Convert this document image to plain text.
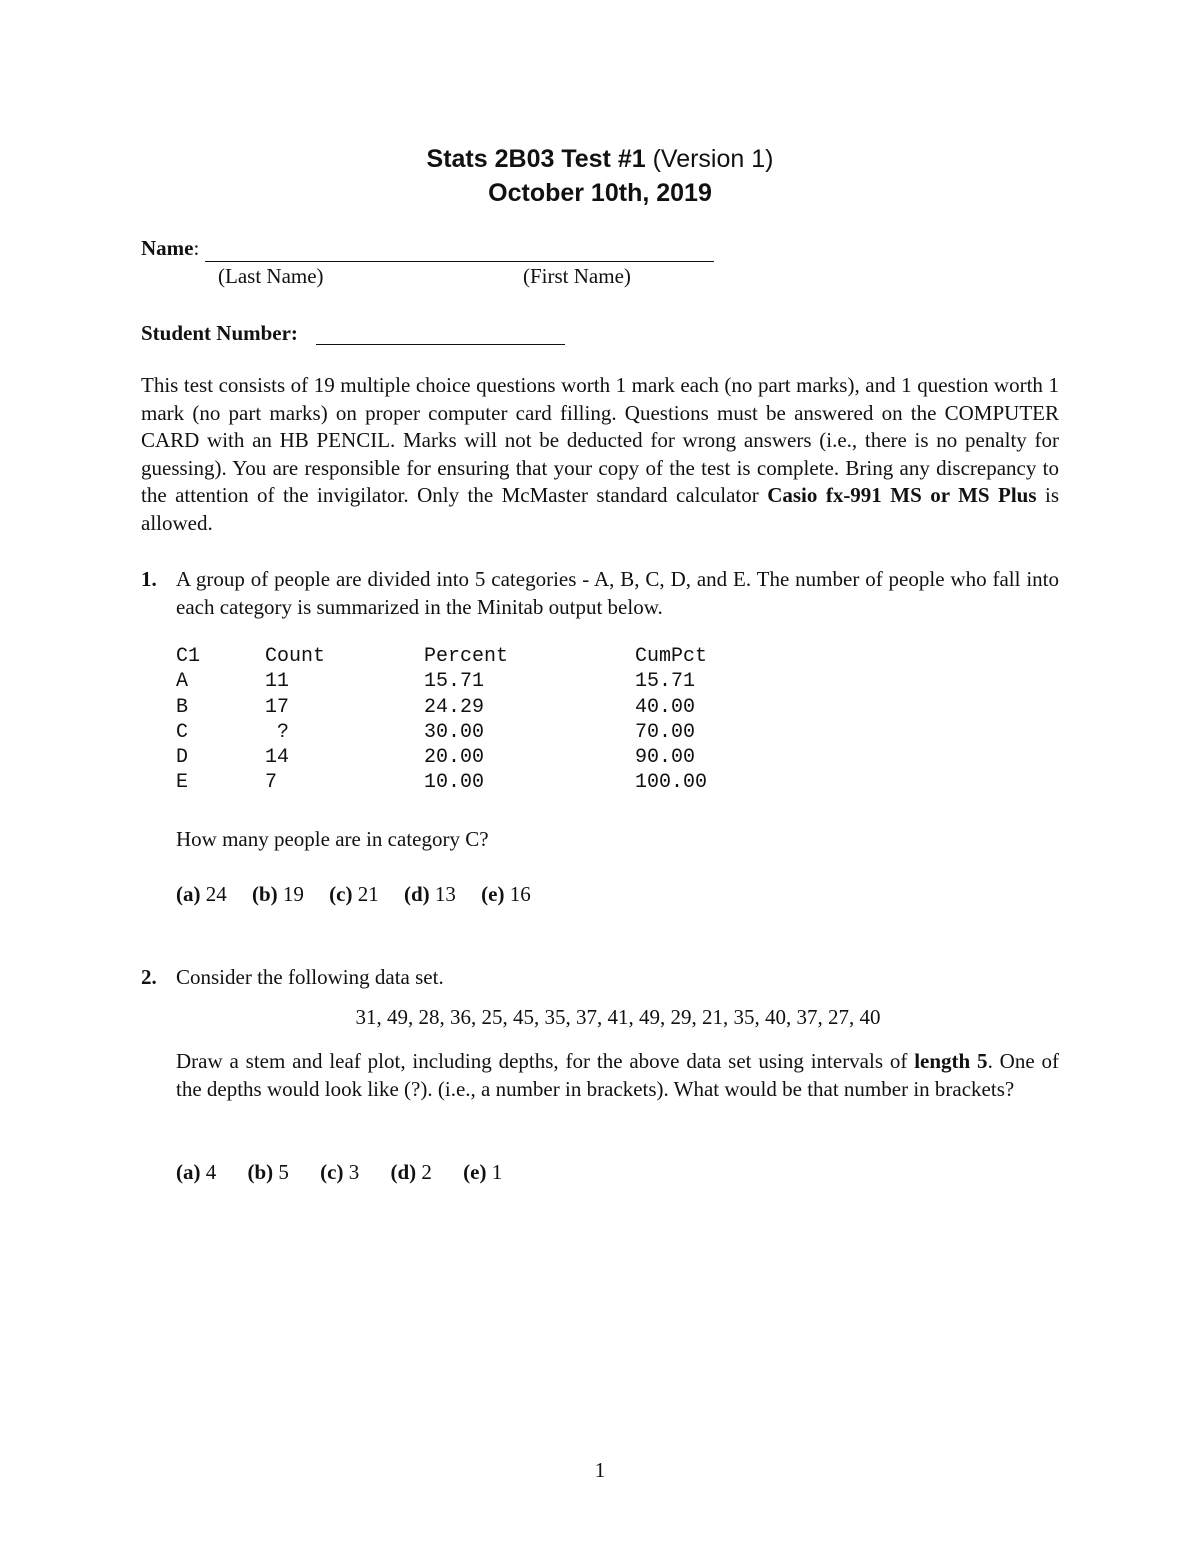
Stats 2B03 Test #1 (Version 1)
October 10th, 2019
Name:
(Last Name)	(First Name)
Student Number:
This test consists of 19 multiple choice questions worth 1 mark each (no part marks), and 1 question worth 1 mark (no part marks) on proper computer card filling. Questions must be answered on the COMPUTER CARD with an HB PENCIL. Marks will not be deducted for wrong answers (i.e., there is no penalty for guessing). You are responsible for ensuring that your copy of the test is complete. Bring any discrepancy to the attention of the invigilator. Only the McMaster standard calculator Casio fx-991 MS or MS Plus is allowed.
1. A group of people are divided into 5 categories - A, B, C, D, and E. The number of people who fall into each category is summarized in the Minitab output below.
C1	Count	Percent	CumPct
A	11	15.71	15.71
B	17	24.29	40.00
C	?	30.00	70.00
D	14	20.00	90.00
E	7	10.00	100.00
How many people are in category C?
(a) 24 (b) 19 (c) 21 (d) 13 (e) 16
2. Consider the following data set.
31, 49, 28, 36, 25, 45, 35, 37, 41, 49, 29, 21, 35, 40, 37, 27, 40
Draw a stem and leaf plot, including depths, for the above data set using intervals of length 5. One of the depths would look like (?). (i.e., a number in brackets). What would be that number in brackets?
(a) 4 (b) 5 (c) 3 (d) 2 (e) 1
1
